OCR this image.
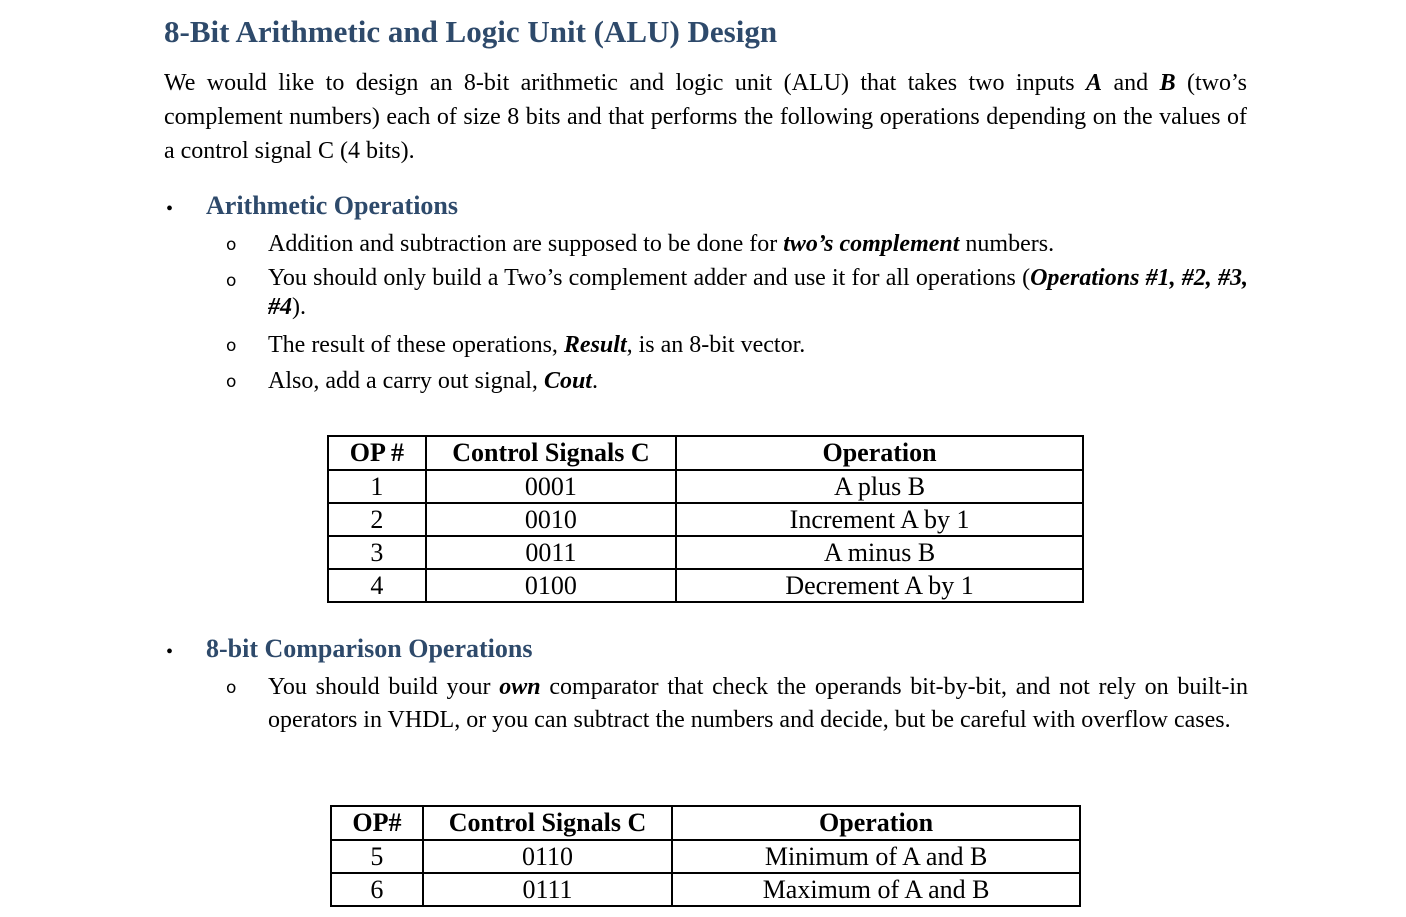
8-Bit Arithmetic and Logic Unit (ALU) Design
We would like to design an 8-bit arithmetic and logic unit (ALU) that takes two inputs A and B (two’s complement numbers) each of size 8 bits and that performs the following operations depending on the values of a control signal C (4 bits).
• Arithmetic Operations
o Addition and subtraction are supposed to be done for two’s complement numbers.
o You should only build a Two’s complement adder and use it for all operations (Operations #1, #2, #3, #4).
o The result of these operations, Result, is an 8-bit vector.
o Also, add a carry out signal, Cout.
OP #	Control Signals C	Operation
1	0001	A plus B
2	0010	Increment A by 1
3	0011	A minus B
4	0100	Decrement A by 1
• 8-bit Comparison Operations
o You should build your own comparator that check the operands bit-by-bit, and not rely on built-in operators in VHDL, or you can subtract the numbers and decide, but be careful with overflow cases.
OP#	Control Signals C	Operation
5	0110	Minimum of A and B
6	0111	Maximum of A and B
